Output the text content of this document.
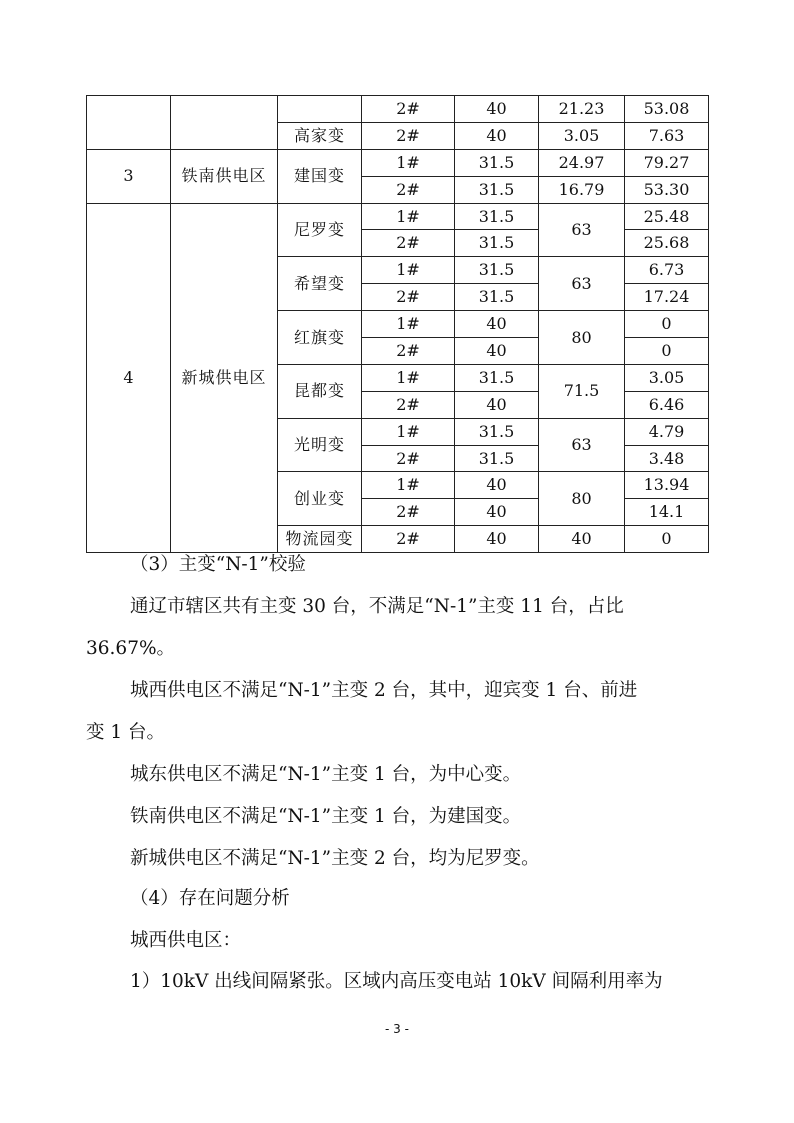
			2#	40	21.23	53.08
		高家变	2#	40	3.05	7.63
3	铁南供电区	建国变	1#	31.5	24.97	79.27
			2#	31.5	16.79	53.30
4	新城供电区	尼罗变	1#	31.5	63	25.48
			2#	31.5		25.68
		希望变	1#	31.5	63	6.73
			2#	31.5		17.24
		红旗变	1#	40	80	0
			2#	40		0
		昆都变	1#	31.5	71.5	3.05
			2#	40		6.46
		光明变	1#	31.5	63	4.79
			2#	31.5		3.48
		创业变	1#	40	80	13.94
			2#	40		14.1
		物流园变	2#	40	40	0

（3）主变“N-1”校验

通辽市辖区共有主变 30 台，不满足“N-1”主变 11 台，占比

36.67%。

城西供电区不满足“N-1”主变 2 台，其中，迎宾变 1 台、前进

变 1 台。

城东供电区不满足“N-1”主变 1 台，为中心变。

铁南供电区不满足“N-1”主变 1 台，为建国变。

新城供电区不满足“N-1”主变 2 台，均为尼罗变。

（4）存在问题分析

城西供电区：

1）10kV 出线间隔紧张。区域内高压变电站 10kV 间隔利用率为

- 3 -
